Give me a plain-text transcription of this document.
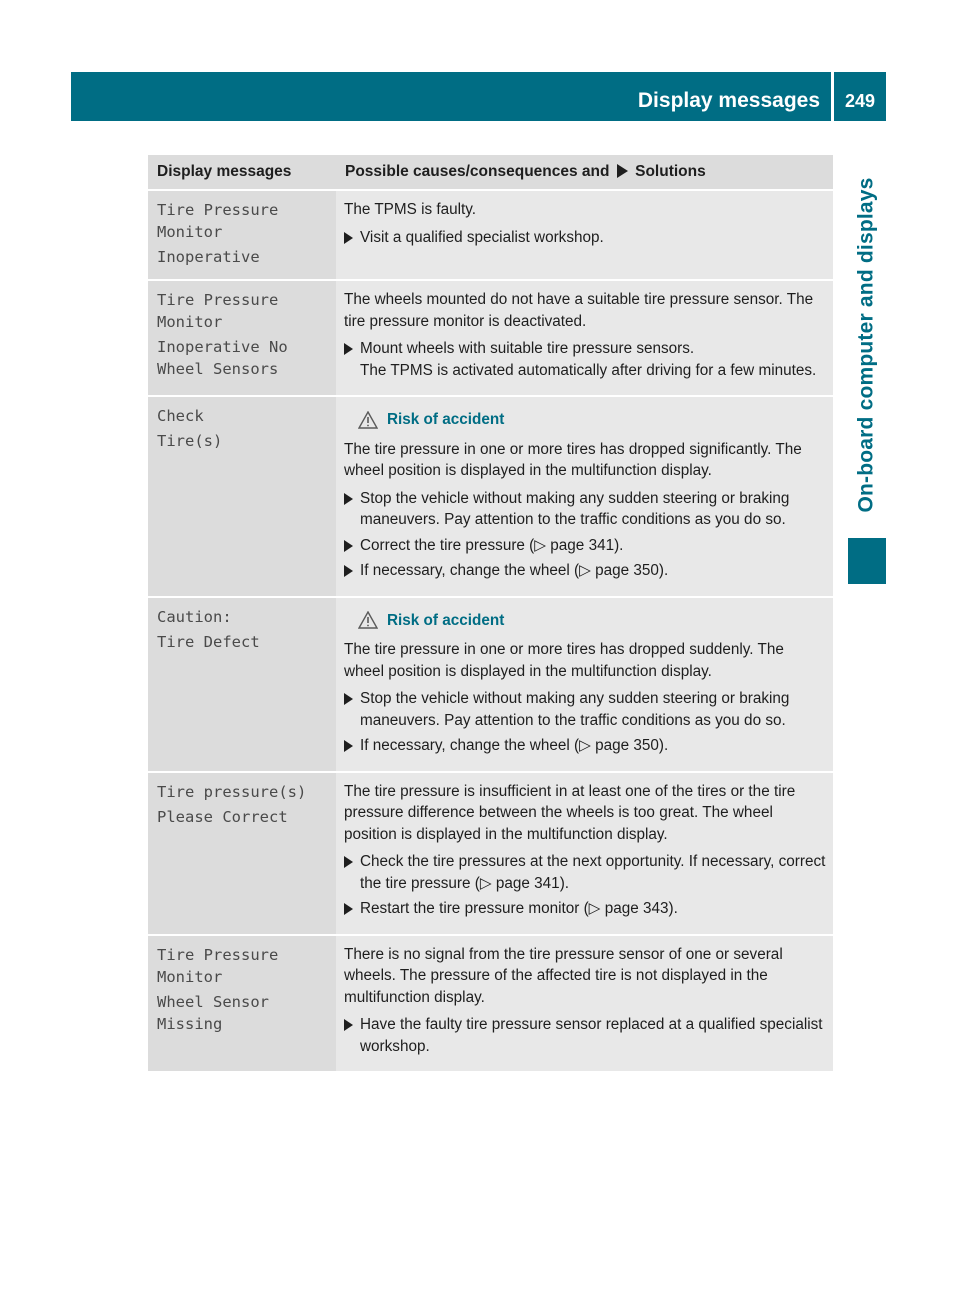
Display messages	249
On-board computer and displays
Display messages	Possible causes/consequences and Solutions
Tire Pressure
Monitor
Inoperative

The TPMS is faulty.

Visit a qualified specialist workshop.
Tire Pressure
Monitor
Inoperative No
Wheel Sensors

The wheels mounted do not have a suitable tire pressure sensor. The tire pressure monitor is deactivated.

Mount wheels with suitable tire pressure sensors.
The TPMS is activated automatically after driving for a few minutes.
Check
Tire(s)
Risk of accident

The tire pressure in one or more tires has dropped significantly. The wheel position is displayed in the multifunction display.

Stop the vehicle without making any sudden steering or braking maneuvers. Pay attention to the traffic conditions as you do so.
Correct the tire pressure (▷ page 341).
If necessary, change the wheel (▷ page 350).
Caution:
Tire Defect
Risk of accident

The tire pressure in one or more tires has dropped suddenly. The wheel position is displayed in the multifunction display.

Stop the vehicle without making any sudden steering or braking maneuvers. Pay attention to the traffic conditions as you do so.
If necessary, change the wheel (▷ page 350).
Tire pressure(s)
Please Correct

The tire pressure is insufficient in at least one of the tires or the tire pressure difference between the wheels is too great. The wheel position is displayed in the multifunction display.

Check the tire pressures at the next opportunity. If necessary, correct the tire pressure (▷ page 341).
Restart the tire pressure monitor (▷ page 343).
Tire Pressure
Monitor
Wheel Sensor
Missing

There is no signal from the tire pressure sensor of one or several wheels. The pressure of the affected tire is not displayed in the multifunction display.

Have the faulty tire pressure sensor replaced at a qualified specialist workshop.
